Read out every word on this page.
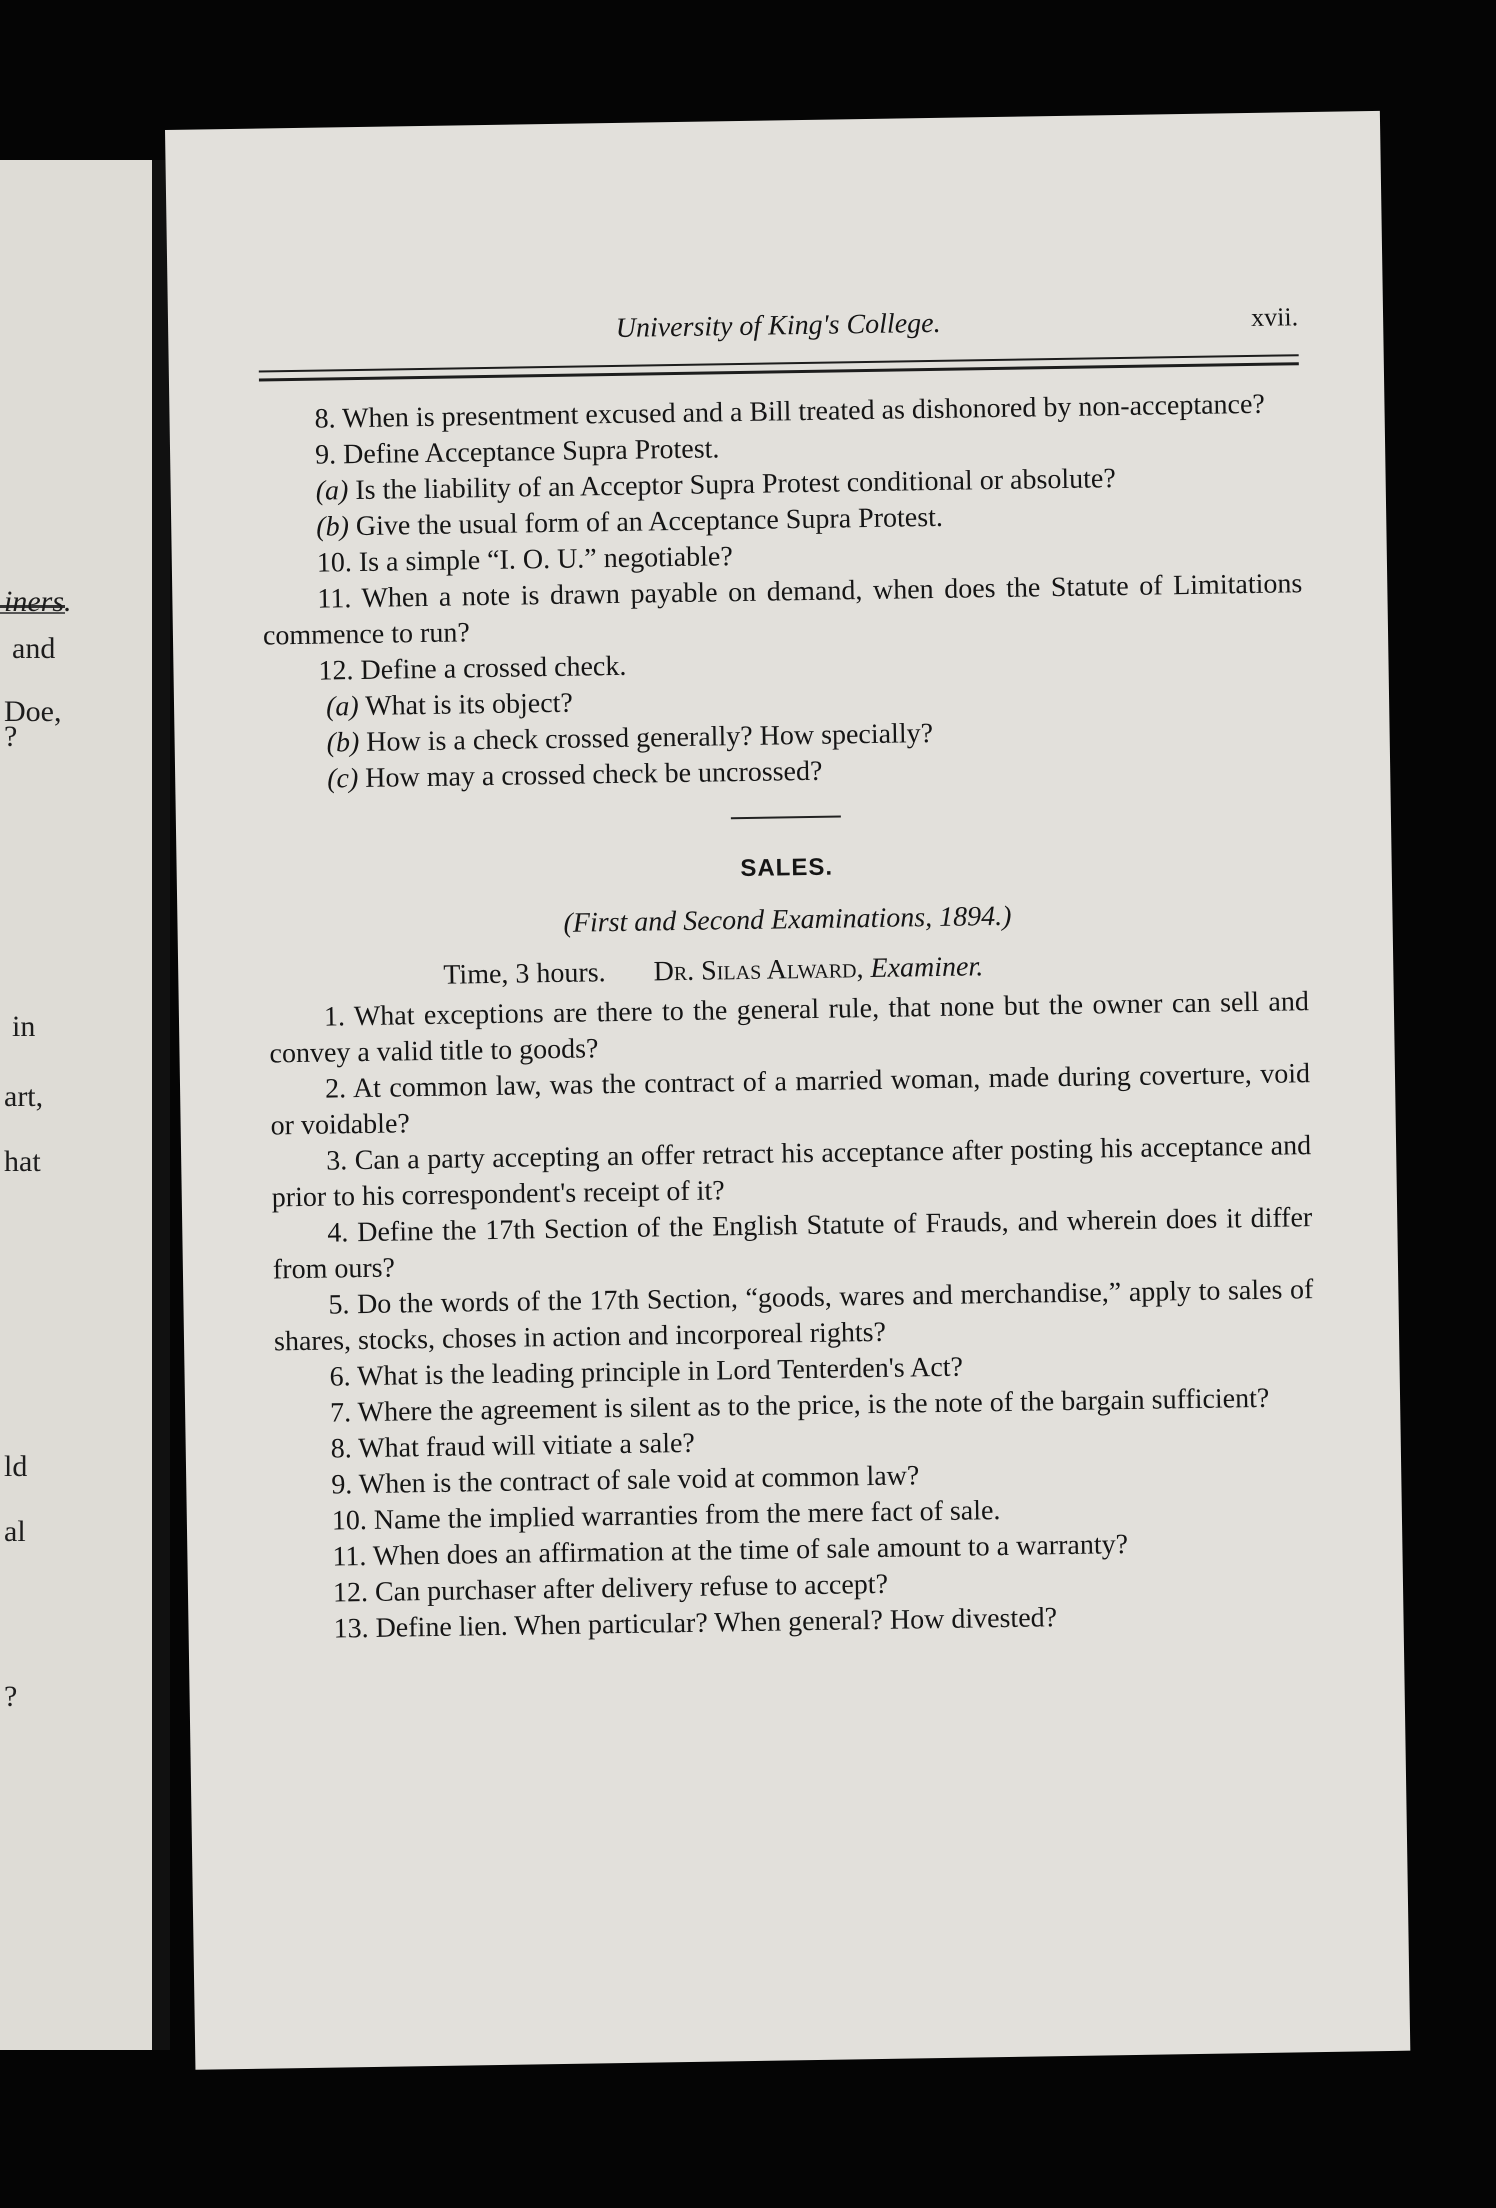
iners.
and
Doe,
?
in
art,
hat
ld
al
?
University of King's College.	xvii.

8. When is presentment excused and a Bill treated as dishonored by non-acceptance?

9. Define Acceptance Supra Protest.

(a) Is the liability of an Acceptor Supra Protest conditional or absolute?

(b) Give the usual form of an Acceptance Supra Protest.

10. Is a simple “I. O. U.” negotiable?

11. When a note is drawn payable on demand, when does the Statute of Limitations commence to run?

12. Define a crossed check.

(a) What is its object?

(b) How is a check crossed generally? How specially?

(c) How may a crossed check be uncrossed?

SALES.

(First and Second Examinations, 1894.)

Time, 3 hours. Dr. Silas Alward, Examiner.

1. What exceptions are there to the general rule, that none but the owner can sell and convey a valid title to goods?

2. At common law, was the contract of a married woman, made during coverture, void or voidable?

3. Can a party accepting an offer retract his acceptance after posting his acceptance and prior to his correspondent's receipt of it?

4. Define the 17th Section of the English Statute of Frauds, and wherein does it differ from ours?

5. Do the words of the 17th Section, “goods, wares and merchandise,” apply to sales of shares, stocks, choses in action and incorporeal rights?

6. What is the leading principle in Lord Tenterden's Act?

7. Where the agreement is silent as to the price, is the note of the bargain sufficient?

8. What fraud will vitiate a sale?

9. When is the contract of sale void at common law?

10. Name the implied warranties from the mere fact of sale.

11. When does an affirmation at the time of sale amount to a warranty?

12. Can purchaser after delivery refuse to accept?

13. Define lien. When particular? When general? How divested?
